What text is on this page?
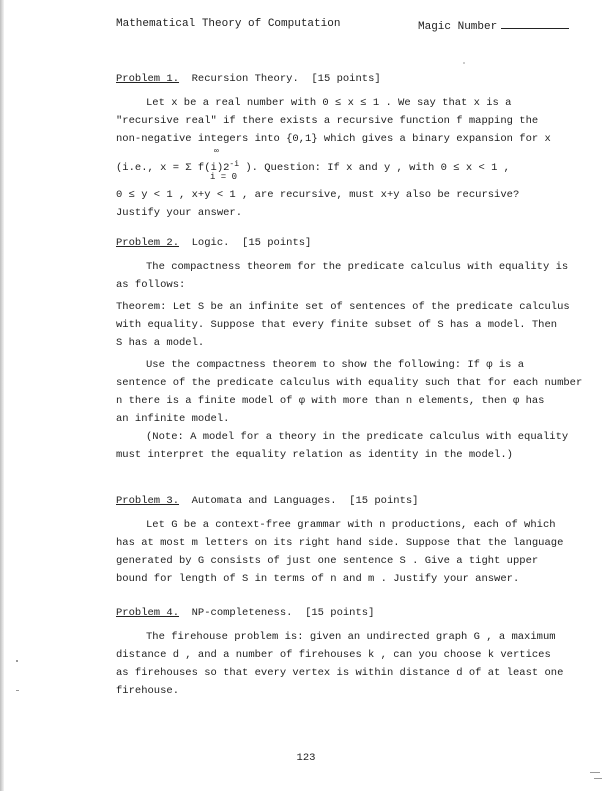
Mathematical Theory of Computation	Magic Number
Problem 1. Recursion Theory. [15 points]
Let x be a real number with 0 ≤ x ≤ 1 . We say that x is a
"recursive real" if there exists a recursive function f mapping the
non-negative integers into {0,1} which gives a binary expansion for x
∞
(i.e., x = Σ $f(i)2^{-i}$ ). Question: If x and y , with 0 ≤ x < 1 ,
i = 0
0 ≤ y < 1 , x+y < 1 , are recursive, must x+y also be recursive?
Justify your answer.
Problem 2. Logic. [15 points]
The compactness theorem for the predicate calculus with equality is
as follows:
Theorem: Let S be an infinite set of sentences of the predicate calculus
with equality. Suppose that every finite subset of S has a model. Then
S has a model.
Use the compactness theorem to show the following: If φ is a
sentence of the predicate calculus with equality such that for each number
n there is a finite model of φ with more than n elements, then φ has
an infinite model.
(Note: A model for a theory in the predicate calculus with equality
must interpret the equality relation as identity in the model.)
Problem 3. Automata and Languages. [15 points]
Let G be a context-free grammar with n productions, each of which
has at most m letters on its right hand side. Suppose that the language
generated by G consists of just one sentence S . Give a tight upper
bound for length of S in terms of n and m . Justify your answer.
Problem 4. NP-completeness. [15 points]
The firehouse problem is: given an undirected graph G , a maximum
distance d , and a number of firehouses k , can you choose k vertices
as firehouses so that every vertex is within distance d of at least one
firehouse.
123
